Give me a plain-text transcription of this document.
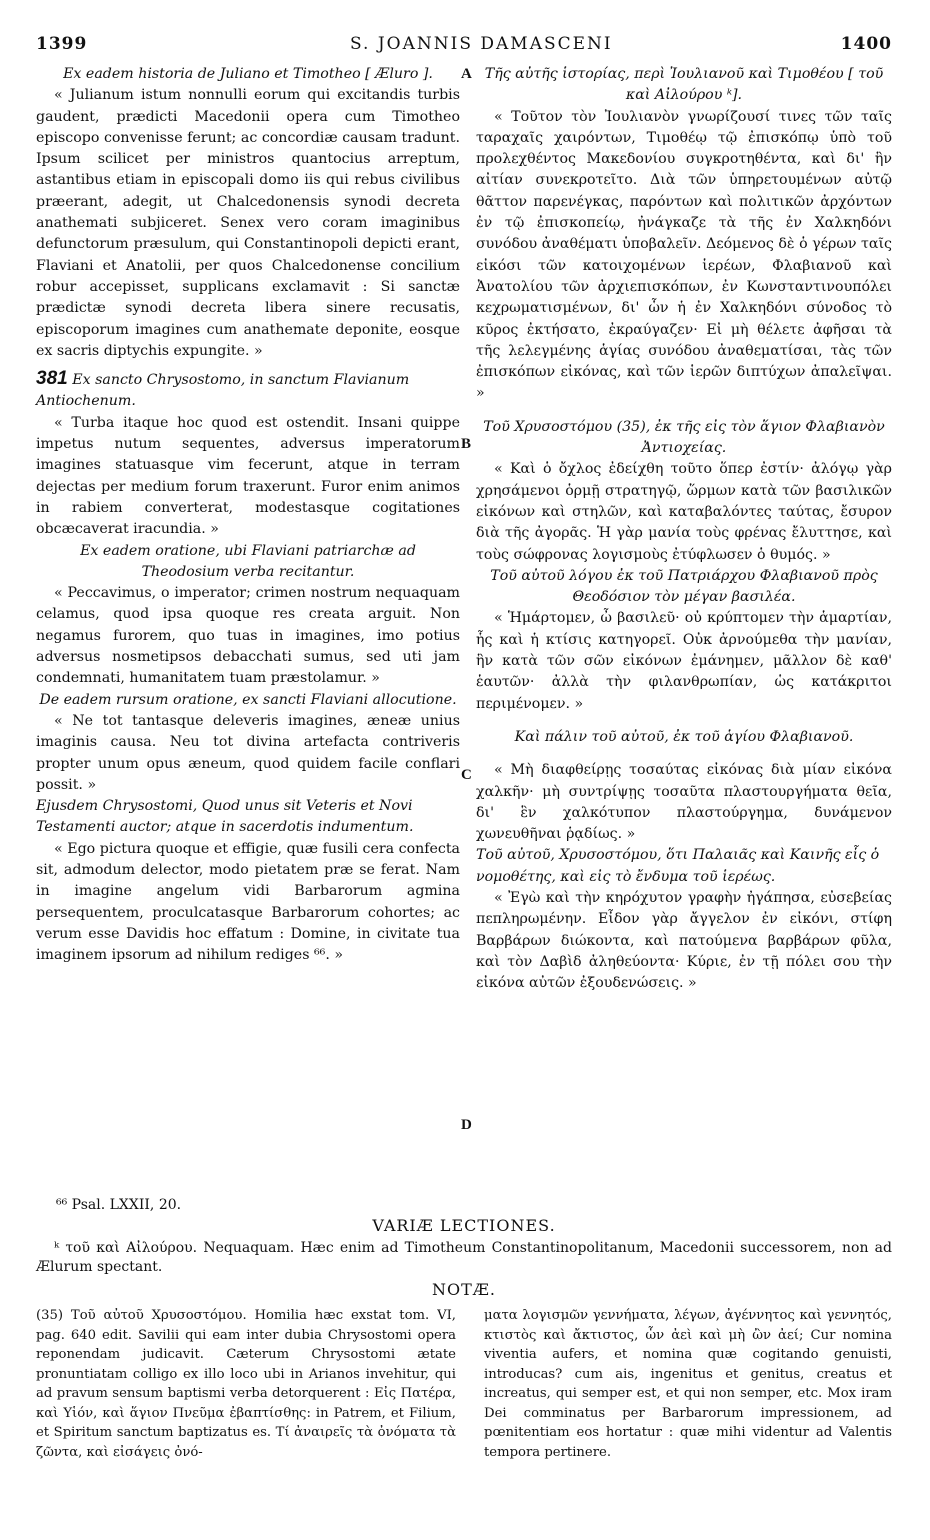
1399	S. JOANNIS DAMASCENI	1400

Ex eadem historia de Juliano et Timotheo [ Æluro ].

« Julianum istum nonnulli eorum qui excitandis turbis gaudent, prædicti Macedonii opera cum Timotheo episcopo convenisse ferunt; ac concordiæ causam tradunt. Ipsum scilicet per ministros quantocius arreptum, astantibus etiam in episcopali domo iis qui rebus civilibus præerant, adegit, ut Chalcedonensis synodi decreta anathemati subjiceret. Senex vero coram imaginibus defunctorum præsulum, qui Constantinopoli depicti erant, Flaviani et Anatolii, per quos Chalcedonense concilium robur accepisset, supplicans exclamavit : Si sanctæ prædictæ synodi decreta libera sinere recusatis, episcoporum imagines cum anathemate deponite, eosque ex sacris diptychis expungite. »

381 Ex sancto Chrysostomo, in sanctum Flavianum Antiochenum.

« Turba itaque hoc quod est ostendit. Insani quippe impetus nutum sequentes, adversus imperatorum imagines statuasque vim fecerunt, atque in terram dejectas per medium forum traxerunt. Furor enim animos in rabiem converterat, modestasque cogitationes obcæcaverat iracundia. »

Ex eadem oratione, ubi Flaviani patriarchæ ad Theodosium verba recitantur.

« Peccavimus, o imperator; crimen nostrum nequaquam celamus, quod ipsa quoque res creata arguit. Non negamus furorem, quo tuas in imagines, imo potius adversus nosmetipsos debacchati sumus, sed uti jam condemnati, humanitatem tuam præstolamur. »

De eadem rursum oratione, ex sancti Flaviani allocutione.

« Ne tot tantasque deleveris imagines, æneæ unius imaginis causa. Neu tot divina artefacta contriveris propter unum opus æneum, quod quidem facile conflari possit. »

Ejusdem Chrysostomi, Quod unus sit Veteris et Novi Testamenti auctor; atque in sacerdotis indumentum.

« Ego pictura quoque et effigie, quæ fusili cera confecta sit, admodum delector, modo pietatem præ se ferat. Nam in imagine angelum vidi Barbarorum agmina persequentem, proculcatasque Barbarorum cohortes; ac verum esse Davidis hoc effatum : Domine, in civitate tua imaginem ipsorum ad nihilum rediges ⁶⁶. »

A
B
C
D

Τῆς αὐτῆς ἱστορίας, περὶ Ἰουλιανοῦ καὶ Τιμοθέου [ τοῦ καὶ Αἰλούρου ᵏ].

« Τοῦτον τὸν Ἰουλιανὸν γνωρίζουσί τινες τῶν ταῖς ταραχαῖς χαιρόντων, Τιμοθέῳ τῷ ἐπισκόπῳ ὑπὸ τοῦ προλεχθέντος Μακεδονίου συγκροτηθέντα, καὶ δι' ἣν αἰτίαν συνεκροτεῖτο. Διὰ τῶν ὑπηρετουμένων αὐτῷ θᾶττον παρενέγκας, παρόντων καὶ πολιτικῶν ἀρχόντων ἐν τῷ ἐπισκοπείῳ, ἠνάγκαζε τὰ τῆς ἐν Χαλκηδόνι συνόδου ἀναθέματι ὑποβαλεῖν. Δεόμενος δὲ ὁ γέρων ταῖς εἰκόσι τῶν κατοιχομένων ἱερέων, Φλαβιανοῦ καὶ Ἀνατολίου τῶν ἀρχιεπισκόπων, ἐν Κωνσταντινουπόλει κεχρωματισμένων, δι' ὧν ἡ ἐν Χαλκηδόνι σύνοδος τὸ κῦρος ἐκτήσατο, ἐκραύγαζεν· Εἰ μὴ θέλετε ἀφῆσαι τὰ τῆς λελεγμένης ἁγίας συνόδου ἀναθεματίσαι, τὰς τῶν ἐπισκόπων εἰκόνας, καὶ τῶν ἱερῶν διπτύχων ἀπαλεῖψαι. »

Τοῦ Χρυσοστόμου (35), ἐκ τῆς εἰς τὸν ἅγιον Φλαβιανὸν Ἀντιοχείας.

« Καὶ ὁ ὄχλος ἐδείχθη τοῦτο ὅπερ ἐστίν· ἀλόγῳ γὰρ χρησάμενοι ὁρμῇ στρατηγῷ, ὥρμων κατὰ τῶν βασιλικῶν εἰκόνων καὶ στηλῶν, καὶ καταβαλόντες ταύτας, ἔσυρον διὰ τῆς ἀγορᾶς. Ἡ γὰρ μανία τοὺς φρένας ἔλυττησε, καὶ τοὺς σώφρονας λογισμοὺς ἐτύφλωσεν ὁ θυμός. »

Τοῦ αὐτοῦ λόγου ἐκ τοῦ Πατριάρχου Φλαβιανοῦ πρὸς Θεοδόσιον τὸν μέγαν βασιλέα.

« Ἡμάρτομεν, ὦ βασιλεῦ· οὐ κρύπτομεν τὴν ἁμαρτίαν, ἧς καὶ ἡ κτίσις κατηγορεῖ. Οὐκ ἀρνούμεθα τὴν μανίαν, ἣν κατὰ τῶν σῶν εἰκόνων ἐμάνημεν, μᾶλλον δὲ καθ' ἑαυτῶν· ἀλλὰ τὴν φιλανθρωπίαν, ὡς κατάκριτοι περιμένομεν. »

Καὶ πάλιν τοῦ αὐτοῦ, ἐκ τοῦ ἁγίου Φλαβιανοῦ.

« Μὴ διαφθείρῃς τοσαύτας εἰκόνας διὰ μίαν εἰκόνα χαλκῆν· μὴ συντρίψῃς τοσαῦτα πλαστουργήματα θεῖα, δι' ἓν χαλκότυπον πλαστούργημα, δυνάμενον χωνευθῆναι ῥᾳδίως. »

Τοῦ αὐτοῦ, Χρυσοστόμου, ὅτι Παλαιᾶς καὶ Καινῆς εἷς ὁ νομοθέτης, καὶ εἰς τὸ ἔνδυμα τοῦ ἱερέως.

« Ἐγὼ καὶ τὴν κηρόχυτον γραφὴν ἠγάπησα, εὐσεβείας πεπληρωμένην. Εἶδον γὰρ ἄγγελον ἐν εἰκόνι, στίφη Βαρβάρων διώκοντα, καὶ πατούμενα βαρβάρων φῦλα, καὶ τὸν Δαβὶδ ἀληθεύοντα· Κύριε, ἐν τῇ πόλει σου τὴν εἰκόνα αὐτῶν ἐξουδενώσεις. »

⁶⁶ Psal. LXXII, 20.

VARIÆ LECTIONES.

ᵏ τοῦ καὶ Αἰλούρου. Nequaquam. Hæc enim ad Timotheum Constantinopolitanum, Macedonii successorem, non ad Ælurum spectant.

NOTÆ.

(35) Τοῦ αὐτοῦ Χρυσοστόμου. Homilia hæc exstat tom. VI, pag. 640 edit. Savilii qui eam inter dubia Chrysostomi opera reponendam judicavit. Cæterum Chrysostomi ætate pronuntiatam colligo ex illo loco ubi in Arianos invehitur, qui ad pravum sensum baptismi verba detorquerent : Εἰς Πατέρα, καὶ Υἱόν, καὶ ἅγιον Πνεῦμα ἐβαπτίσθης: in Patrem, et Filium, et Spiritum sanctum baptizatus es. Τί ἀναιρεῖς τὰ ὀνόματα τὰ ζῶντα, καὶ εἰσάγεις ὀνό-
ματα λογισμῶν γεννήματα, λέγων, ἀγέννητος καὶ γεννητός, κτιστὸς καὶ ἄκτιστος, ὧν ἀεὶ καὶ μὴ ὢν ἀεί; Cur nomina viventia aufers, et nomina quæ cogitando genuisti, introducas? cum ais, ingenitus et genitus, creatus et increatus, qui semper est, et qui non semper, etc. Mox iram Dei comminatus per Barbarorum impressionem, ad pœnitentiam eos hortatur : quæ mihi videntur ad Valentis tempora pertinere.
